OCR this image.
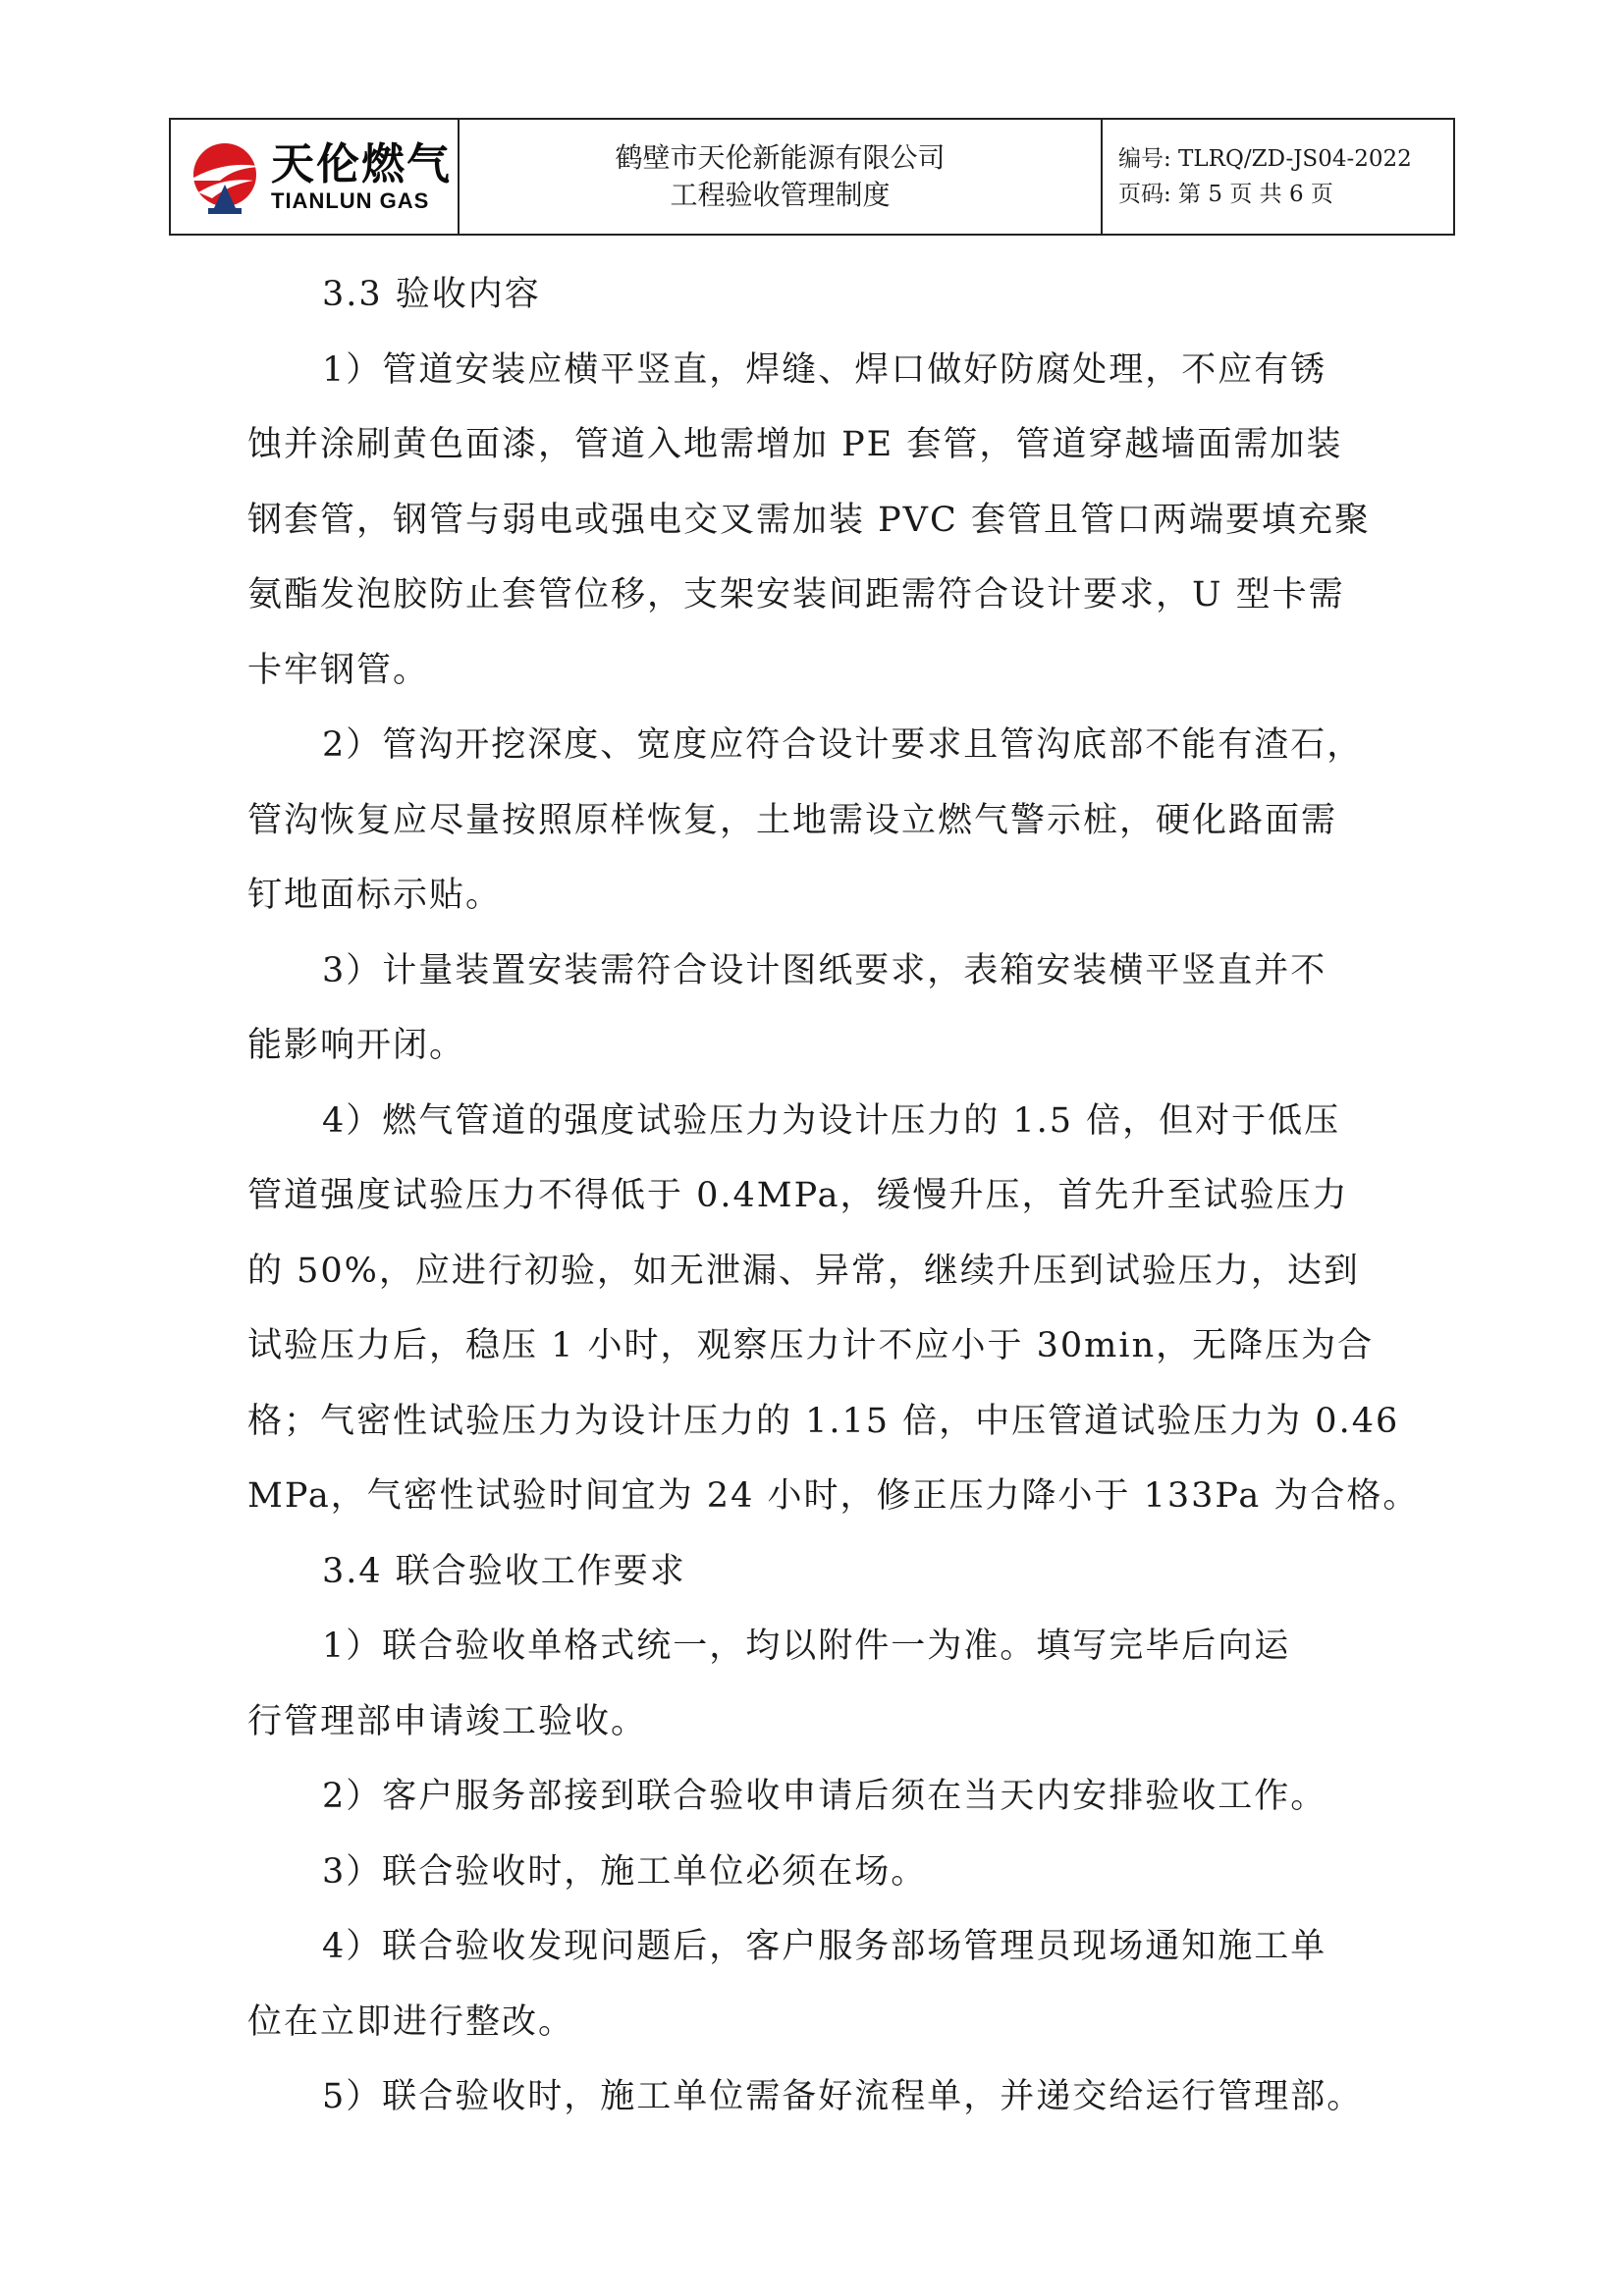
天伦燃气
TIANLUN GAS
鹤壁市天伦新能源有限公司
工程验收管理制度
编号: TLRQ/ZD-JS04-2022
页码: 第 5 页 共 6 页
3.3 验收内容
1）管道安装应横平竖直，焊缝、焊口做好防腐处理，不应有锈
蚀并涂刷黄色面漆，管道入地需增加 PE 套管，管道穿越墙面需加装
钢套管，钢管与弱电或强电交叉需加装 PVC 套管且管口两端要填充聚
氨酯发泡胶防止套管位移，支架安装间距需符合设计要求，U 型卡需
卡牢钢管。
2）管沟开挖深度、宽度应符合设计要求且管沟底部不能有渣石，
管沟恢复应尽量按照原样恢复，土地需设立燃气警示桩，硬化路面需
钉地面标示贴。
3）计量装置安装需符合设计图纸要求，表箱安装横平竖直并不
能影响开闭。
4）燃气管道的强度试验压力为设计压力的 1.5 倍，但对于低压
管道强度试验压力不得低于 0.4MPa，缓慢升压，首先升至试验压力
的 50%，应进行初验，如无泄漏、异常，继续升压到试验压力，达到
试验压力后，稳压 1 小时，观察压力计不应小于 30min，无降压为合
格；气密性试验压力为设计压力的 1.15 倍，中压管道试验压力为 0.46
MPa，气密性试验时间宜为 24 小时，修正压力降小于 133Pa 为合格。
3.4 联合验收工作要求
1）联合验收单格式统一，均以附件一为准。填写完毕后向运
行管理部申请竣工验收。
2）客户服务部接到联合验收申请后须在当天内安排验收工作。
3）联合验收时，施工单位必须在场。
4）联合验收发现问题后，客户服务部场管理员现场通知施工单
位在立即进行整改。
5）联合验收时，施工单位需备好流程单，并递交给运行管理部。
